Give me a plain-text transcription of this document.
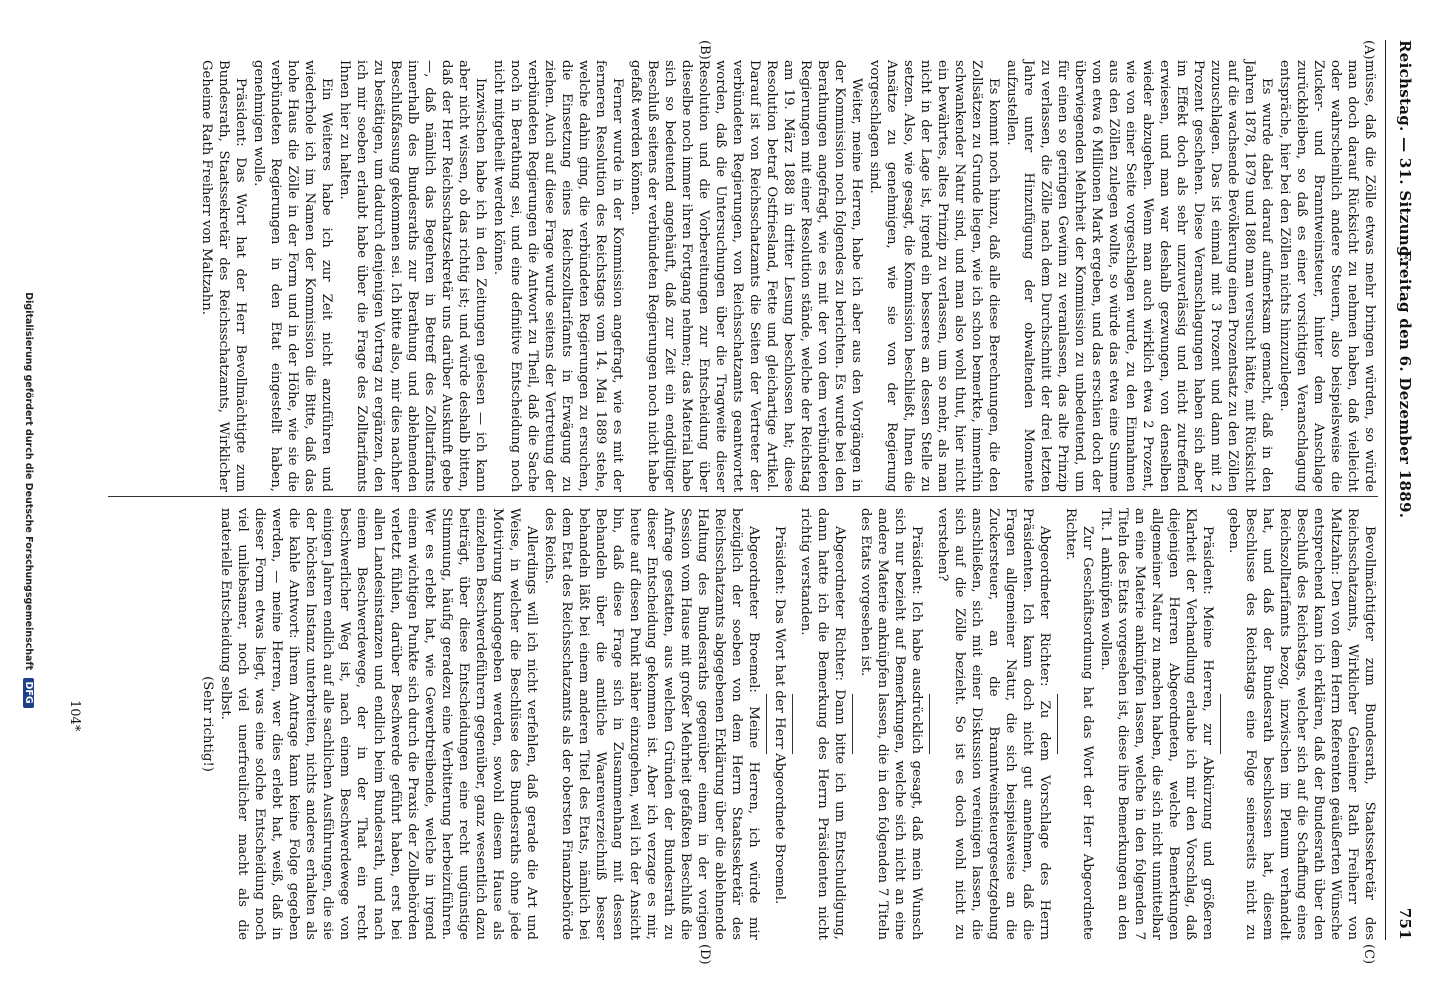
Reichstag. — 31. Sitzung.
Freitag den 6. Dezember 1889.
751
(A)
(B)
(C)
(D)

müsse, daß die Zölle etwas mehr bringen würden, so würde man doch darauf Rücksicht zu nehmen haben, daß vielleicht oder wahrscheinlich andere Steuern, also beispielsweise die Zucker- und Branntweinsteuer, hinter dem Anschlage zurückbleiben, so daß es einer vorsichtigen Veranschlagung entspräche, hier bei den Zöllen nichts hinzuzulegen.

Es wurde dabei darauf aufmerksam gemacht, daß in den Jahren 1878, 1879 und 1880 man versucht hätte, mit Rücksicht auf die wachsende Bevölkerung einen Prozentsatz zu den Zöllen zuzuschlagen. Das ist einmal mit 3 Prozent und dann mit 2 Prozent geschehen. Diese Veranschlagungen haben sich aber im Effekt doch als sehr unzuverlässig und nicht zutreffend erwiesen, und man war deshalb gezwungen, von denselben wieder abzugehen. Wenn man auch wirklich etwa 2 Prozent, wie von einer Seite vorgeschlagen wurde, zu den Einnahmen aus den Zöllen zulegen wollte, so würde das etwa eine Summe von etwa 6 Millionen Mark ergeben, und das erschien doch der überwiegenden Mehrheit der Kommission zu unbedeutend, um für einen so geringen Gewinn zu veranlassen, das alte Prinzip zu verlassen, die Zölle nach dem Durchschnitt der drei letzten Jahre unter Hinzufügung der obwaltenden Momente aufzustellen.

Es kommt noch hinzu, daß alle diese Berechnungen, die den Zollsätzen zu Grunde liegen, wie ich schon bemerkte, immerhin schwankender Natur sind, und man also wohl thut, hier nicht ein bewährtes, altes Prinzip zu verlassen, um so mehr, als man nicht in der Lage ist, irgend ein besseres an dessen Stelle zu setzen. Also, wie gesagt, die Kommission beschließt, Ihnen die Ansätze zu genehmigen, wie sie von der Regierung vorgeschlagen sind.

Weiter, meine Herren, habe ich aber aus den Vorgängen in der Kommission noch folgendes zu berichten. Es wurde bei den Berathungen angefragt, wie es mit der von dem verbündeten Regierungen mit einer Resolution stände, welche der Reichstag am 19. März 1888 in dritter Lesung beschlossen hat; diese Resolution betraf Ostfriesland, Fette und gleichartige Artikel. Darauf ist von Reichsschatzamts die Seiten der Vertreter der verbündeten Regierungen, von Reichsschatzamts geantwortet worden, daß die Untersuchungen über die Tragweite dieser Resolution und die Vorbereitungen zur Entscheidung über dieselbe noch immer ihren Fortgang nehmen; das Material habe sich so bedeutend angehäuft, daß zur Zeit ein endgültiger Beschluß seitens der verbündeten Regierungen noch nicht habe gefaßt werden können.

Ferner wurde in der Kommission angefragt, wie es mit der ferneren Resolution des Reichstags vom 14. Mai 1889 stehe, welche dahin ging, die verbündeten Regierungen zu ersuchen, die Einsetzung eines Reichszolltarifamts in Erwägung zu ziehen. Auch auf diese Frage wurde seitens der Vertretung der verbündeten Regierungen die Antwort zu Theil, daß die Sache noch in Berathung sei, und eine definitive Entscheidung noch nicht mitgetheilt werden könne.

Inzwischen habe ich in den Zeitungen gelesen — ich kann aber nicht wissen, ob das richtig ist; und würde deshalb bitten, daß der Herr Reichsschatzsekretär uns darüber Auskunft gebe —, daß nämlich das Begehren in Betreff des Zolltarifamts innerhalb des Bundesraths zur Berathung und ablehnenden Beschlußfassung gekommen sei. Ich bitte also, mir dies nachher zu bestätigen, um dadurch denjenigen Vortrag zu ergänzen, den ich mir soeben erlaubt habe über die Frage des Zolltarifamts Ihnen hier zu halten.

Ein Weiteres habe ich zur Zeit nicht anzuführen und wiederhole ich im Namen der Kommission die Bitte, daß das hohe Haus die Zölle in der Form und in der Höhe, wie sie die verbündeten Regierungen in den Etat eingestellt haben, genehmigen wolle.

Präsident: Das Wort hat der Herr Bevollmächtigte zum Bundesrath, Staatssekretär des Reichsschatzamts, Wirklicher Geheime Rath Freiherr von Maltzahn.

Bevollmächtigter zum Bundesrath, Staatssekretär des Reichsschatzamts, Wirklicher Geheimer Rath Freiherr von Maltzahn: Den von dem Herrn Referenten geäußerten Wünsche entsprechend kann ich erklären, daß der Bundesrath über den Beschluß des Reichstags, welcher sich auf die Schaffung eines Reichszolltarifamts bezog, inzwischen im Plenum verhandelt hat, und daß der Bundesrath beschlossen hat, diesem Beschlusse des Reichstags eine Folge seinerseits nicht zu geben.

Präsident: Meine Herren, zur Abkürzung und größeren Klarheit der Verhandlung erlaube ich mir den Vorschlag, daß diejenigen Herren Abgeordneten, welche Bemerkungen allgemeiner Natur zu machen haben, die sich nicht unmittelbar an eine Materie anknüpfen lassen, welche in den folgenden 7 Titeln des Etats vorgesehen ist, diese ihre Bemerkungen an den Tit. 1 anknüpfen wollen.

Zur Geschäftsordnung hat das Wort der Herr Abgeordnete Richter.

Abgeordneter Richter: Zu dem Vorschlage des Herrn Präsidenten. Ich kann doch nicht gut annehmen, daß die Fragen allgemeiner Natur, die sich beispielsweise an die Zuckersteuer, an die Branntweinsteuergesetzgebung anschließen, sich mit einer Diskussion vereinigen lassen, die sich auf die Zölle bezieht. So ist es doch wohl nicht zu verstehen?

Präsident: Ich habe ausdrücklich gesagt, daß mein Wunsch sich nur bezieht auf Bemerkungen, welche sich nicht an eine andere Materie anknüpfen lassen, die in den folgenden 7 Titeln des Etats vorgesehen ist.

Abgeordneter Richter: Dann bitte ich um Entschuldigung, dann hatte ich die Bemerkung des Herrn Präsidenten nicht richtig verstanden.

Präsident: Das Wort hat der Herr Abgeordnete Broemel.

Abgeordneter Broemel: Meine Herren, ich würde mir bezüglich der soeben von dem Herrn Staatssekretär des Reichsschatzamts abgegebenen Erklärung über die ablehnende Haltung des Bundesraths gegenüber einem in der vorigen Session vom Hause mit großer Mehrheit gefaßten Beschluß die Anfrage gestatten, aus welchen Gründen der Bundesrath zu dieser Entscheidung gekommen ist. Aber ich verzage es mir, heute auf diesen Punkt näher einzugehen, weil ich der Ansicht bin, daß diese Frage sich in Zusammenhang mit dessen Behandeln über die amtliche Waarenverzeichniß besser behandeln läßt bei einem anderen Titel des Etats, nämlich bei dem Etat des Reichsschatzamts als der obersten Finanzbehörde des Reichs.

Allerdings will ich nicht verfehlen, daß gerade die Art und Weise, in welcher die Beschlüsse des Bundesraths ohne jede Motivirung kundgegeben werden, sowohl diesem Hause als einzelnen Beschwerdeführern gegenüber, ganz wesentlich dazu beiträgt, über diese Entscheidungen eine recht ungünstige Stimmung, häufig geradezu eine Verbitterung herbeizuführen. Wer es erlebt hat, wie Gewerbtreibende, welche in irgend einem wichtigen Punkte sich durch die Praxis der Zollbehörden verletzt fühlen, darüber Beschwerde geführt haben, erst bei allen Landesinstanzen und endlich beim Bundesrath, und nach einem Beschwerdewege, der in der That ein recht beschwerlicher Weg ist, nach einem Beschwerdewege von einigen Jahren endlich auf alle sachlichen Ausführungen, die sie der höchsten Instanz unterbreiten, nichts anderes erhalten als die kahle Antwort: ihrem Antrage kann keine Folge gegeben werden, — meine Herren, wer dies erlebt hat, weiß, daß in dieser Form etwas liegt, was eine solche Entscheidung noch viel unliebsamer, noch viel unerfreulicher macht als die materielle Entscheidung selbst.

(Sehr richtig!)

104*
Digitalisierung gefördert durch die Deutsche Forschungsgemeinschaft DFG
